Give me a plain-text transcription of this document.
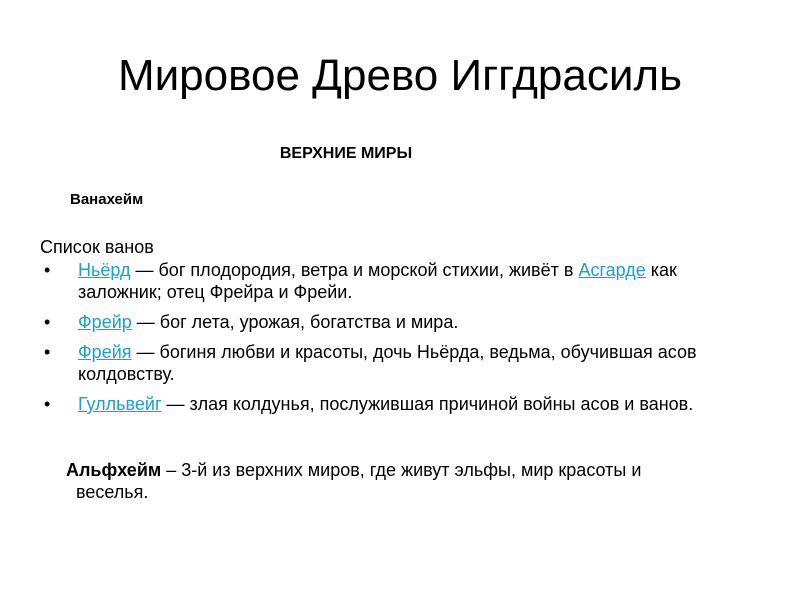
Мировое Древо Иггдрасиль
ВЕРХНИЕ МИРЫ
Ванахейм

Список ванов

•	Ньёрд — бог плодородия, ветра и морской стихии, живёт в Асгарде как заложник; отец Фрейра и Фрейи.
•	Фрейр — бог лета, урожая, богатства и мира.
•	Фрейя — богиня любви и красоты, дочь Ньёрда, ведьма, обучившая асов колдовству.
•	Гулльвейг — злая колдунья, послужившая причиной войны асов и ванов.

Альфхейм – 3-й из верхних миров, где живут эльфы, мир красоты и веселья.
